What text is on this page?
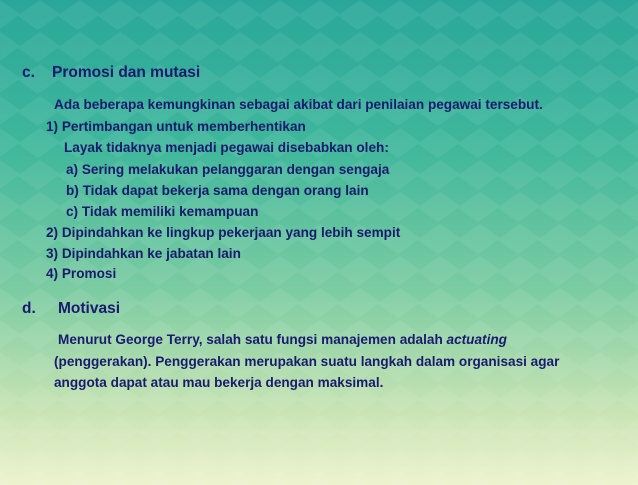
c. Promosi dan mutasi
Ada beberapa kemungkinan sebagai akibat dari penilaian pegawai tersebut.
1) Pertimbangan untuk memberhentikan
Layak tidaknya menjadi pegawai disebabkan oleh:
a) Sering melakukan pelanggaran dengan sengaja
b) Tidak dapat bekerja sama dengan orang lain
c) Tidak memiliki kemampuan
2) Dipindahkan ke lingkup pekerjaan yang lebih sempit
3) Dipindahkan ke jabatan lain
4) Promosi
d. Motivasi
Menurut George Terry, salah satu fungsi manajemen adalah actuating
(penggerakan). Penggerakan merupakan suatu langkah dalam organisasi agar
anggota dapat atau mau bekerja dengan maksimal.
